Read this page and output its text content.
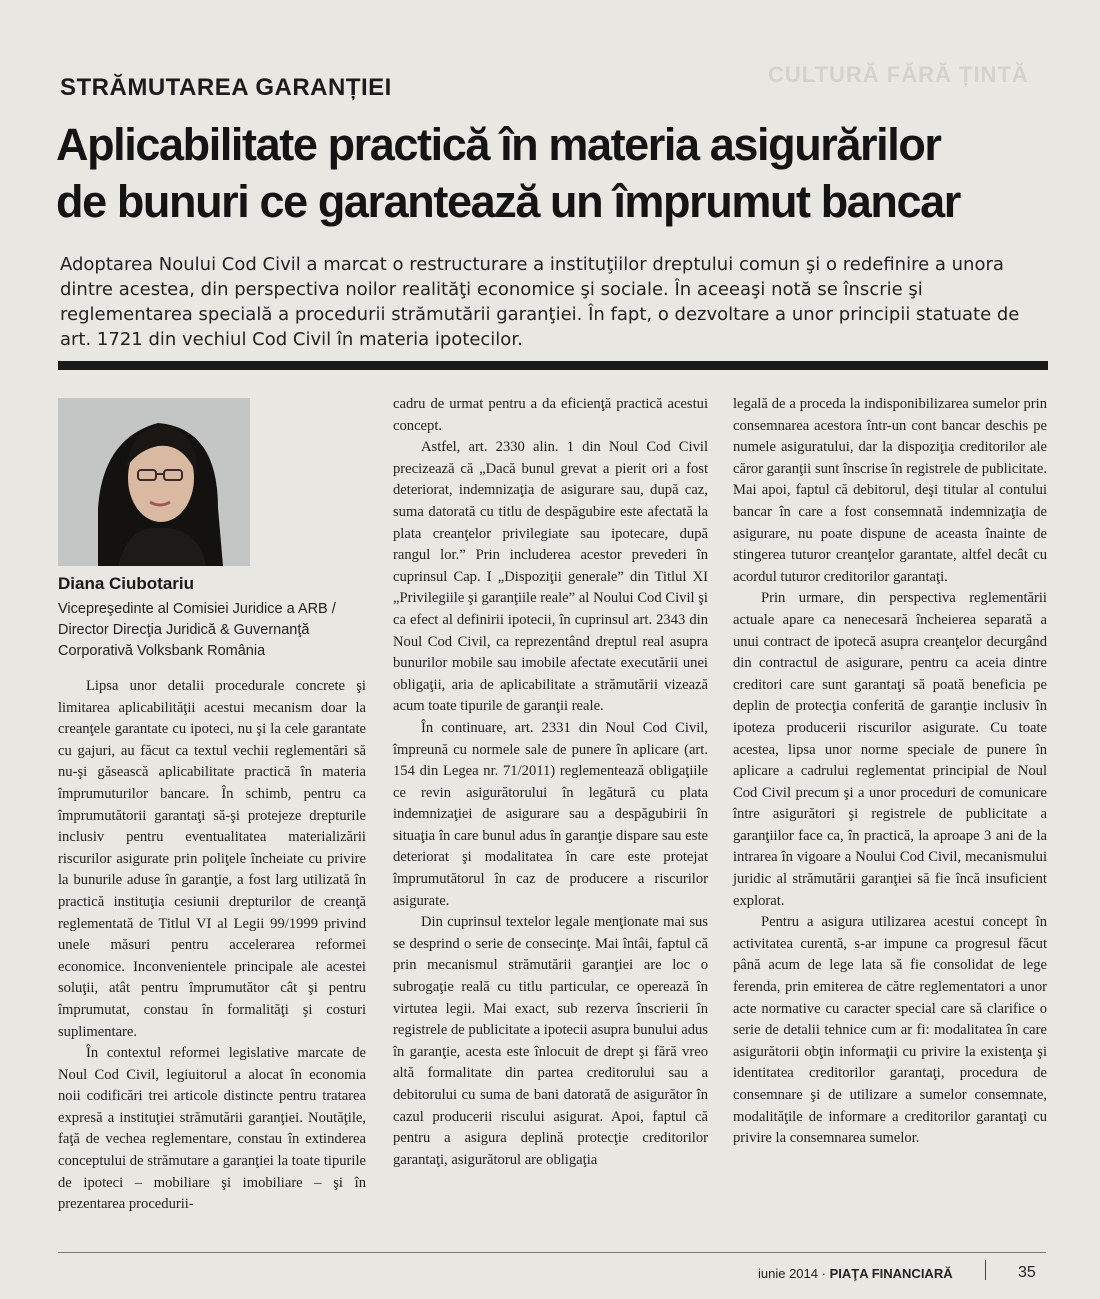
CULTURĂ FĂRĂ ȚINTĂ
STRĂMUTAREA GARANȚIEI
Aplicabilitate practică în materia asigurărilor
de bunuri ce garantează un împrumut bancar

Adoptarea Noului Cod Civil a marcat o restructurare a instituţiilor dreptului comun şi o redefinire a unora dintre acestea, din perspectiva noilor realităţi economice şi sociale. În aceeaşi notă se înscrie şi reglementarea specială a procedurii strămutării garanţiei. În fapt, o dezvoltare a unor principii statuate de art. 1721 din vechiul Cod Civil în materia ipotecilor.

Diana Ciubotariu
Vicepreşedinte al Comisiei Juridice a ARB /
Director Direcţia Juridică & Guvernanţă
Corporativă Volksbank România

Lipsa unor detalii procedurale concrete şi limitarea aplicabilităţii acestui mecanism doar la creanţele garantate cu ipoteci, nu şi la cele garantate cu gajuri, au făcut ca textul vechii reglementări să nu-şi găsească aplicabilitate practică în materia împrumuturilor bancare. În schimb, pentru ca împrumutătorii garantaţi să-şi protejeze drepturile inclusiv pentru eventualitatea materializării riscurilor asigurate prin poliţele încheiate cu privire la bunurile aduse în garanţie, a fost larg utilizată în practică instituţia cesiunii drepturilor de creanţă reglementată de Titlul VI al Legii 99/1999 privind unele măsuri pentru accelerarea reformei economice. Inconvenientele principale ale acestei soluţii, atât pentru împrumutător cât şi pentru împrumutat, constau în formalităţi şi costuri suplimentare.

În contextul reformei legislative marcate de Noul Cod Civil, legiuitorul a alocat în economia noii codificări trei articole distincte pentru tratarea expresă a instituţiei strămutării garanţiei. Noutăţile, faţă de vechea reglementare, constau în extinderea conceptului de strămutare a garanţiei la toate tipurile de ipoteci – mobiliare şi imobiliare – şi în prezentarea procedurii-

cadru de urmat pentru a da eficienţă practică acestui concept.

Astfel, art. 2330 alin. 1 din Noul Cod Civil precizează că „Dacă bunul grevat a pierit ori a fost deteriorat, indemnizaţia de asigurare sau, după caz, suma datorată cu titlu de despăgubire este afectată la plata creanţelor privilegiate sau ipotecare, după rangul lor.” Prin includerea acestor prevederi în cuprinsul Cap. I „Dispoziţii generale” din Titlul XI „Privilegiile şi garanţiile reale” al Noului Cod Civil şi ca efect al definirii ipotecii, în cuprinsul art. 2343 din Noul Cod Civil, ca reprezentând dreptul real asupra bunurilor mobile sau imobile afectate executării unei obligaţii, aria de aplicabilitate a strămutării vizează acum toate tipurile de garanţii reale.

În continuare, art. 2331 din Noul Cod Civil, împreună cu normele sale de punere în aplicare (art. 154 din Legea nr. 71/2011) reglementează obligaţiile ce revin asigurătorului în legătură cu plata indemnizaţiei de asigurare sau a despăgubirii în situaţia în care bunul adus în garanţie dispare sau este deteriorat şi modalitatea în care este protejat împrumutătorul în caz de producere a riscurilor asigurate.

Din cuprinsul textelor legale menţionate mai sus se desprind o serie de consecinţe. Mai întâi, faptul că prin mecanismul strămutării garanţiei are loc o subrogaţie reală cu titlu particular, ce operează în virtutea legii. Mai exact, sub rezerva înscrierii în registrele de publicitate a ipotecii asupra bunului adus în garanţie, acesta este înlocuit de drept şi fără vreo altă formalitate din partea creditorului sau a debitorului cu suma de bani datorată de asigurător în cazul producerii riscului asigurat. Apoi, faptul că pentru a asigura deplină protecţie creditorilor garantaţi, asigurătorul are obligaţia

legală de a proceda la indisponibilizarea sumelor prin consemnarea acestora într-un cont bancar deschis pe numele asiguratului, dar la dispoziţia creditorilor ale căror garanţii sunt înscrise în registrele de publicitate. Mai apoi, faptul că debitorul, deşi titular al contului bancar în care a fost consemnată indemnizaţia de asigurare, nu poate dispune de aceasta înainte de stingerea tuturor creanţelor garantate, altfel decât cu acordul tuturor creditorilor garantaţi.

Prin urmare, din perspectiva reglementării actuale apare ca nenecesară încheierea separată a unui contract de ipotecă asupra creanţelor decurgând din contractul de asigurare, pentru ca aceia dintre creditori care sunt garantaţi să poată beneficia pe deplin de protecţia conferită de garanţie inclusiv în ipoteza producerii riscurilor asigurate. Cu toate acestea, lipsa unor norme speciale de punere în aplicare a cadrului reglementat principial de Noul Cod Civil precum şi a unor proceduri de comunicare între asigurători şi registrele de publicitate a garanţiilor face ca, în practică, la aproape 3 ani de la intrarea în vigoare a Noului Cod Civil, mecanismului juridic al strămutării garanţiei să fie încă insuficient explorat.

Pentru a asigura utilizarea acestui concept în activitatea curentă, s-ar impune ca progresul făcut până acum de lege lata să fie consolidat de lege ferenda, prin emiterea de către reglementatori a unor acte normative cu caracter special care să clarifice o serie de detalii tehnice cum ar fi: modalitatea în care asigurătorii obţin informaţii cu privire la existenţa şi identitatea creditorilor garantaţi, procedura de consemnare şi de utilizare a sumelor consemnate, modalităţile de informare a creditorilor garantaţi cu privire la consemnarea sumelor.

iunie 2014 · PIAŢA FINANCIARĂ	35
